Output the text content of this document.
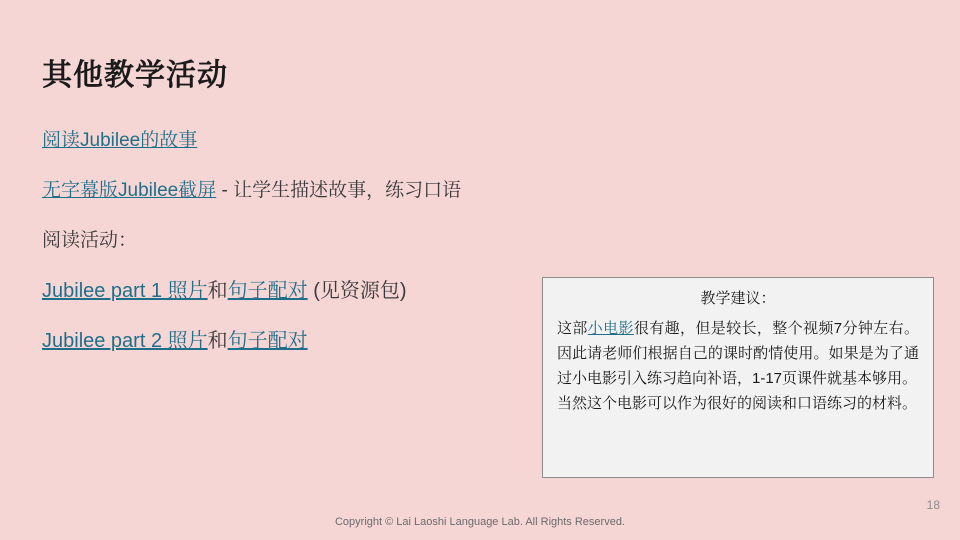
其他教学活动
阅读Jubilee的故事
无字幕版Jubilee截屏 - 让学生描述故事，练习口语
阅读活动：
Jubilee part 1 照片和句子配对 (见资源包)
Jubilee part 2 照片和句子配对
教学建议：
这部小电影很有趣，但是较长，整个视频7分钟左右。因此请老师们根据自己的课时酌情使用。如果是为了通过小电影引入练习趋向补语，1-17页课件就基本够用。
当然这个电影可以作为很好的阅读和口语练习的材料。
Copyright © Lai Laoshi Language Lab. All Rights Reserved.
18
